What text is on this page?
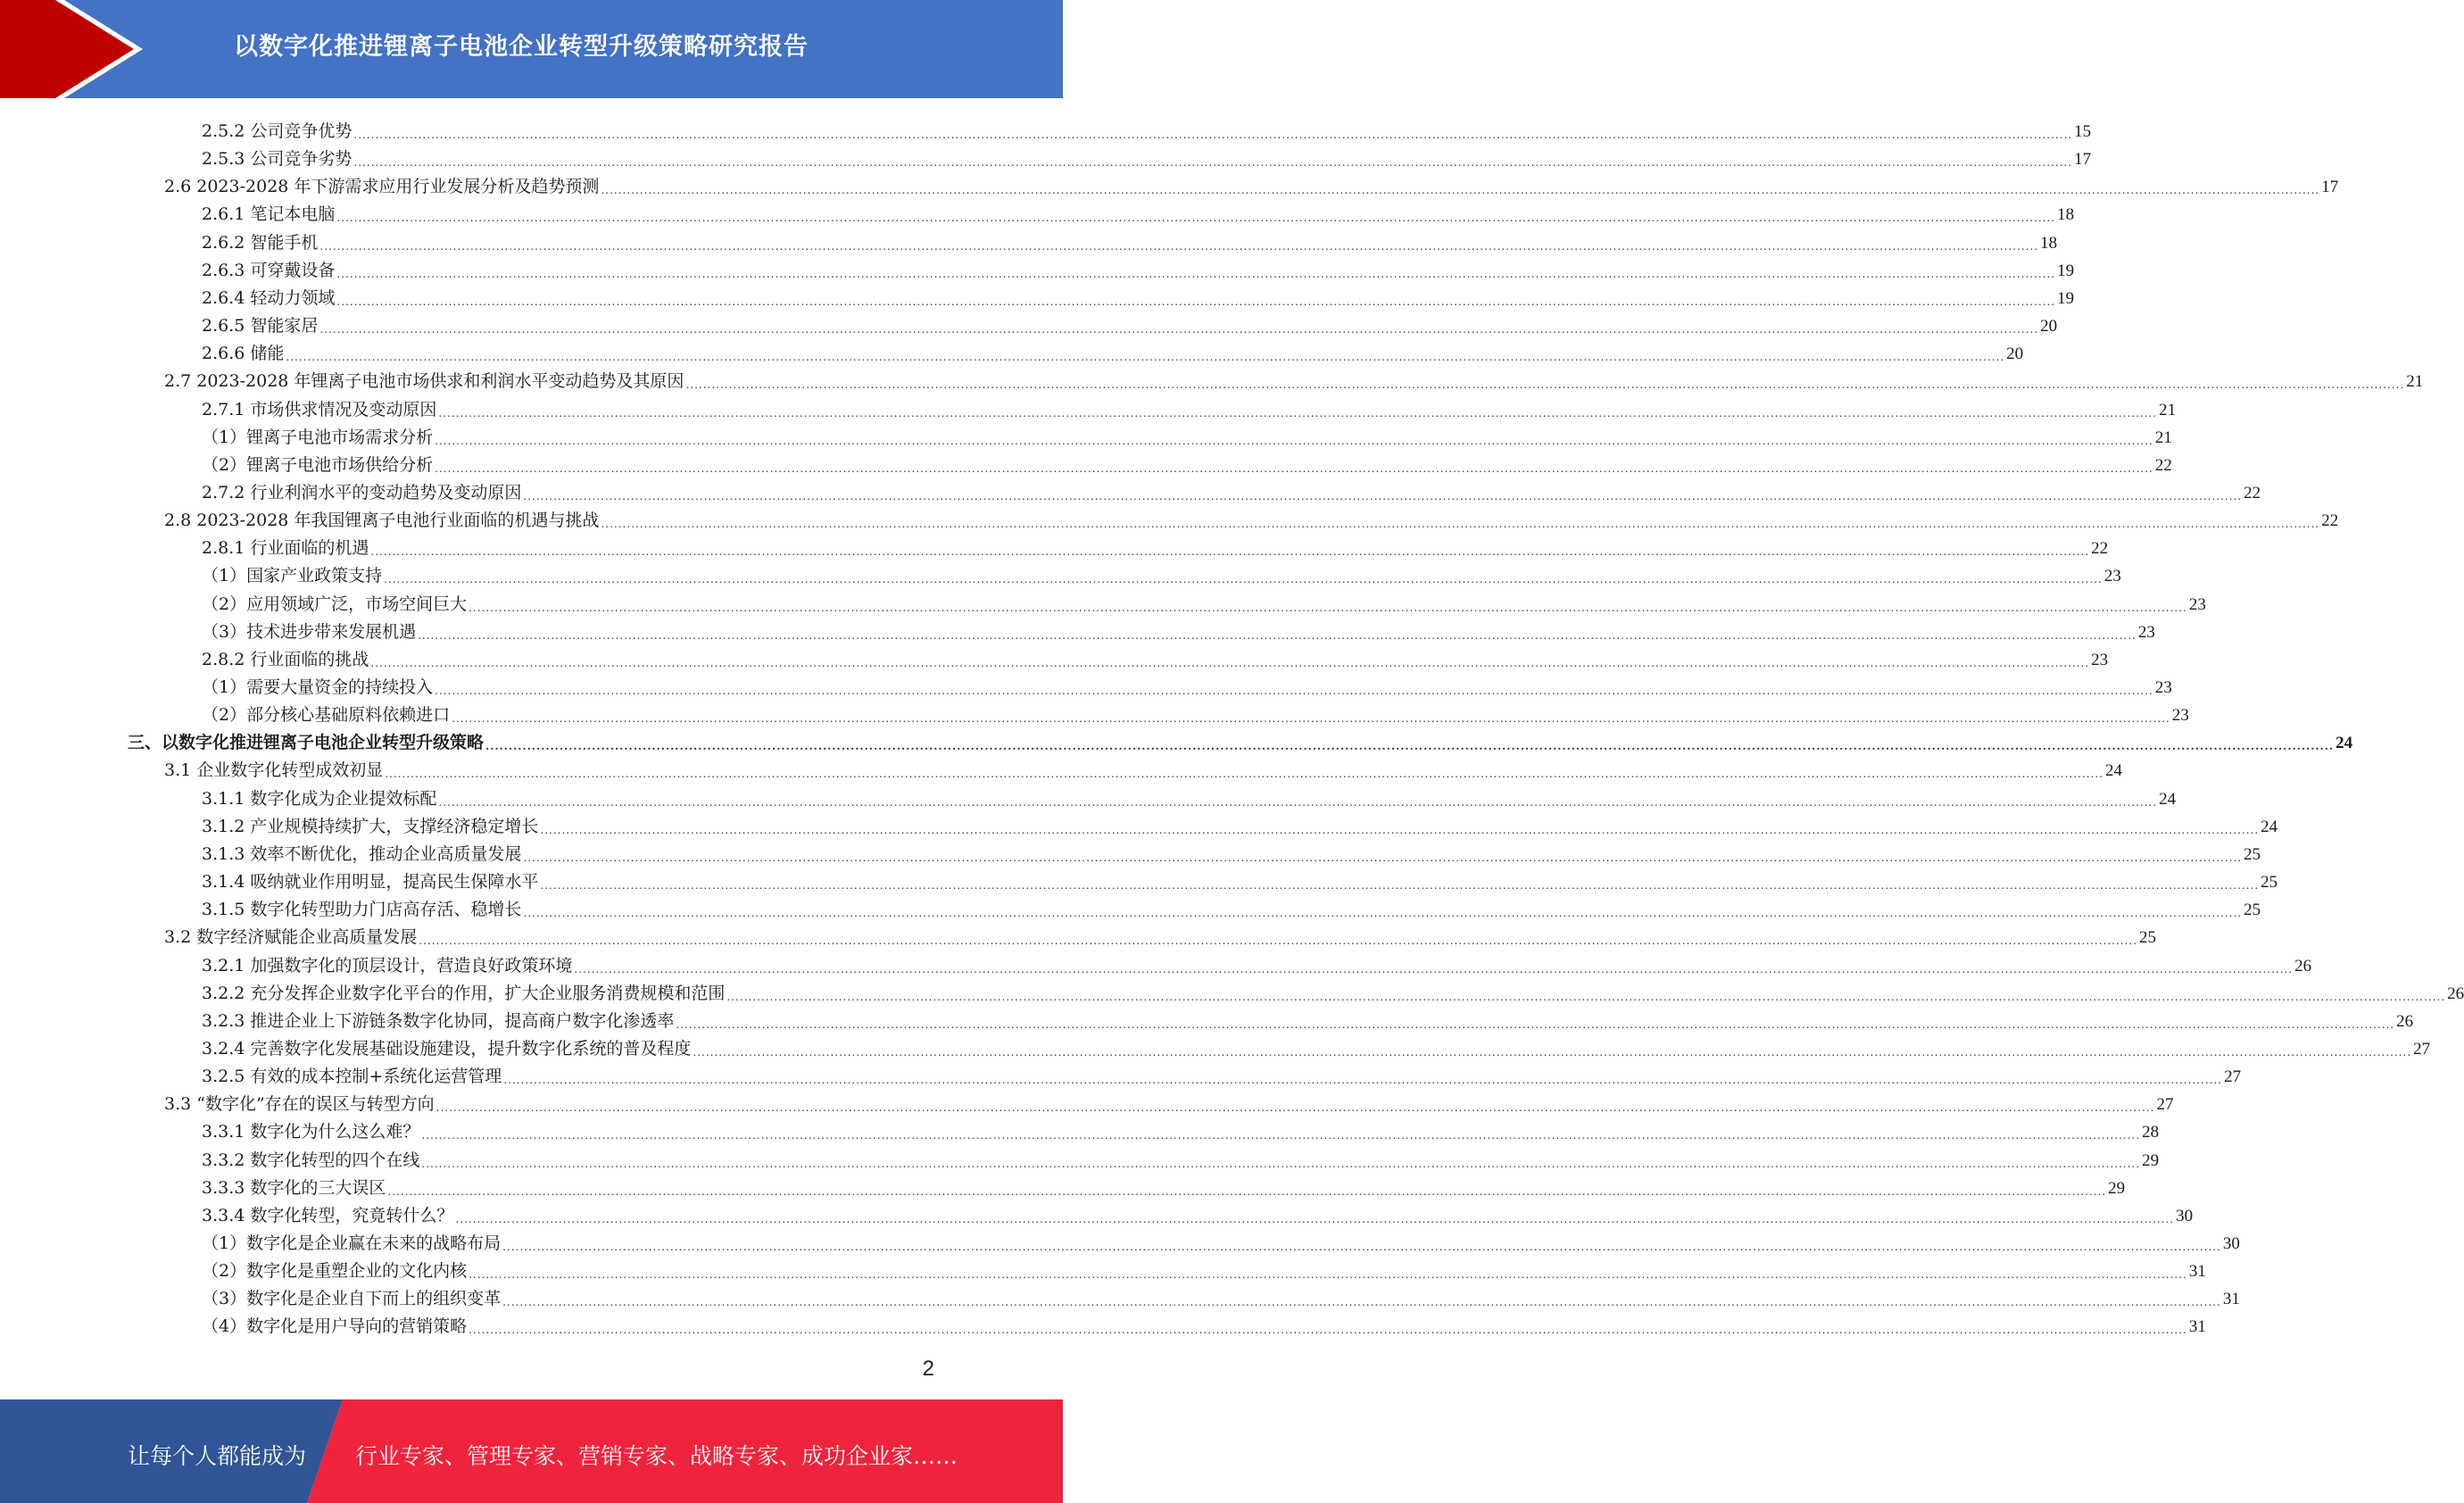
以数字化推进锂离子电池企业转型升级策略研究报告
2.5.2 公司竞争优势 ................................................................................................................................................................................................................................................................................................................................................................................................................ 15
2.5.3 公司竞争劣势 ................................................................................................................................................................................................................................................................................................................................................................................................................ 17
2.6 2023-2028 年下游需求应用行业发展分析及趋势预测 ................................................................................................................................................................................................................................................................................................................................................................................................................ 17
2.6.1 笔记本电脑 ................................................................................................................................................................................................................................................................................................................................................................................................................ 18
2.6.2 智能手机 ................................................................................................................................................................................................................................................................................................................................................................................................................ 18
2.6.3 可穿戴设备 ................................................................................................................................................................................................................................................................................................................................................................................................................ 19
2.6.4 轻动力领域 ................................................................................................................................................................................................................................................................................................................................................................................................................ 19
2.6.5 智能家居 ................................................................................................................................................................................................................................................................................................................................................................................................................ 20
2.6.6 储能 ................................................................................................................................................................................................................................................................................................................................................................................................................ 20
2.7 2023-2028 年锂离子电池市场供求和利润水平变动趋势及其原因 ................................................................................................................................................................................................................................................................................................................................................................................................................ 21
2.7.1 市场供求情况及变动原因 ................................................................................................................................................................................................................................................................................................................................................................................................................ 21
（1）锂离子电池市场需求分析 ................................................................................................................................................................................................................................................................................................................................................................................................................ 21
（2）锂离子电池市场供给分析 ................................................................................................................................................................................................................................................................................................................................................................................................................ 22
2.7.2 行业利润水平的变动趋势及变动原因 ................................................................................................................................................................................................................................................................................................................................................................................................................ 22
2.8 2023-2028 年我国锂离子电池行业面临的机遇与挑战 ................................................................................................................................................................................................................................................................................................................................................................................................................ 22
2.8.1 行业面临的机遇 ................................................................................................................................................................................................................................................................................................................................................................................................................ 22
（1）国家产业政策支持 ................................................................................................................................................................................................................................................................................................................................................................................................................ 23
（2）应用领域广泛，市场空间巨大 ................................................................................................................................................................................................................................................................................................................................................................................................................ 23
（3）技术进步带来发展机遇 ................................................................................................................................................................................................................................................................................................................................................................................................................ 23
2.8.2 行业面临的挑战 ................................................................................................................................................................................................................................................................................................................................................................................................................ 23
（1）需要大量资金的持续投入 ................................................................................................................................................................................................................................................................................................................................................................................................................ 23
（2）部分核心基础原料依赖进口 ................................................................................................................................................................................................................................................................................................................................................................................................................ 23
三、以数字化推进锂离子电池企业转型升级策略 ................................................................................................................................................................................................................................................................................................................................................................................................................ 24
3.1 企业数字化转型成效初显 ................................................................................................................................................................................................................................................................................................................................................................................................................ 24
3.1.1 数字化成为企业提效标配 ................................................................................................................................................................................................................................................................................................................................................................................................................ 24
3.1.2 产业规模持续扩大，支撑经济稳定增长 ................................................................................................................................................................................................................................................................................................................................................................................................................ 24
3.1.3 效率不断优化，推动企业高质量发展 ................................................................................................................................................................................................................................................................................................................................................................................................................ 25
3.1.4 吸纳就业作用明显，提高民生保障水平 ................................................................................................................................................................................................................................................................................................................................................................................................................ 25
3.1.5 数字化转型助力门店高存活、稳增长 ................................................................................................................................................................................................................................................................................................................................................................................................................ 25
3.2 数字经济赋能企业高质量发展 ................................................................................................................................................................................................................................................................................................................................................................................................................ 25
3.2.1 加强数字化的顶层设计，营造良好政策环境 ................................................................................................................................................................................................................................................................................................................................................................................................................ 26
3.2.2 充分发挥企业数字化平台的作用，扩大企业服务消费规模和范围 ................................................................................................................................................................................................................................................................................................................................................................................................................ 26
3.2.3 推进企业上下游链条数字化协同，提高商户数字化渗透率 ................................................................................................................................................................................................................................................................................................................................................................................................................ 26
3.2.4 完善数字化发展基础设施建设，提升数字化系统的普及程度 ................................................................................................................................................................................................................................................................................................................................................................................................................ 27
3.2.5 有效的成本控制+系统化运营管理 ................................................................................................................................................................................................................................................................................................................................................................................................................ 27
3.3 “数字化”存在的误区与转型方向 ................................................................................................................................................................................................................................................................................................................................................................................................................ 27
3.3.1 数字化为什么这么难？ ................................................................................................................................................................................................................................................................................................................................................................................................................ 28
3.3.2 数字化转型的四个在线 ................................................................................................................................................................................................................................................................................................................................................................................................................ 29
3.3.3 数字化的三大误区 ................................................................................................................................................................................................................................................................................................................................................................................................................ 29
3.3.4 数字化转型，究竟转什么？ ................................................................................................................................................................................................................................................................................................................................................................................................................ 30
（1）数字化是企业赢在未来的战略布局 ................................................................................................................................................................................................................................................................................................................................................................................................................ 30
（2）数字化是重塑企业的文化内核 ................................................................................................................................................................................................................................................................................................................................................................................................................ 31
（3）数字化是企业自下而上的组织变革 ................................................................................................................................................................................................................................................................................................................................................................................................................ 31
（4）数字化是用户导向的营销策略 ................................................................................................................................................................................................................................................................................................................................................................................................................ 31
2
让每个人都能成为 行业专家、管理专家、营销专家、战略专家、成功企业家……
